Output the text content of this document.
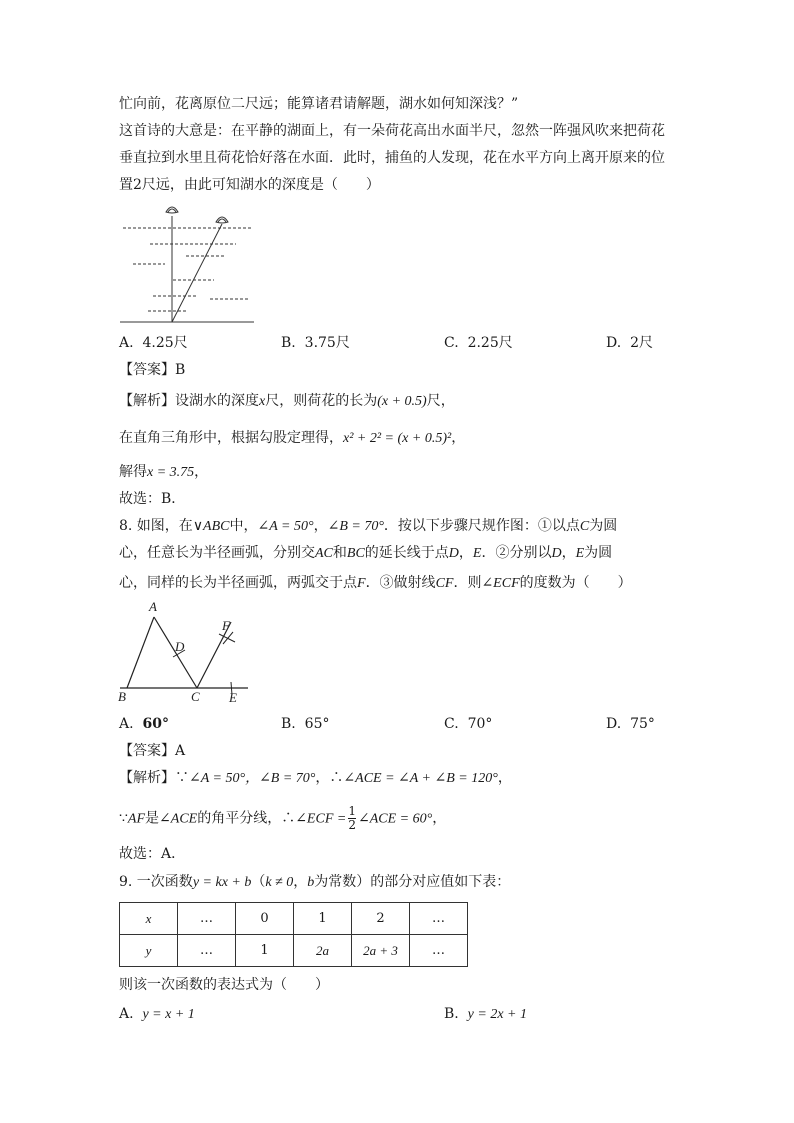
忙向前，花离原位二尺远；能算诸君请解题，湖水如何知深浅？”
这首诗的大意是：在平静的湖面上，有一朵荷花高出水面半尺，忽然一阵强风吹来把荷花
垂直拉到水里且荷花恰好落在水面．此时，捕鱼的人发现，花在水平方向上离开原来的位
置2尺远，由此可知湖水的深度是（　　）
A. 4.25尺	B. 3.75尺	C. 2.25尺	D. 2尺
【答案】B
【解析】设湖水的深度x尺，则荷花的长为(x + 0.5)尺，
在直角三角形中，根据勾股定理得，x² + 2² = (x + 0.5)²，
解得x = 3.75，
故选：B．
8. 如图，在∨ABC中，∠A = 50°，∠B = 70°．按以下步骤尺规作图：①以点C为圆
心，任意长为半径画弧，分别交AC和BC的延长线于点D，E．②分别以D，E为圆
心，同样的长为半径画弧，两弧交于点F．③做射线CF．则∠ECF的度数为（　　）
A
B	C
D
E
F
A. 60°	B. 65°	C. 70°	D. 75°
【答案】A
【解析】∵∠A = 50°，∠B = 70°，∴∠ACE = ∠A + ∠B = 120°，
∵AF是∠ACE的角平分线，∴∠ECF = $\frac{1}{2}$ ∠ACE = 60°，
故选：A．
9. 一次函数y = kx + b（k ≠ 0，b为常数）的部分对应值如下表：
x	…	0	1	2	…
y	…	1	2a	2a + 3	…
则该一次函数的表达式为（　　）
A. y = x + 1	B. y = 2x + 1
